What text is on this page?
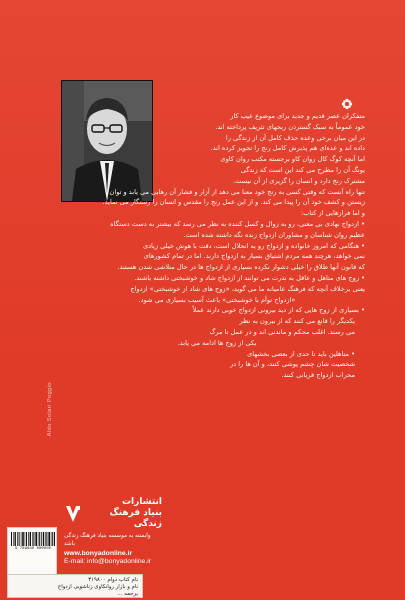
متفکران عصر قدیم و جدید برای موضوع عیب کار

خود عموماً به سبک گستردن ریحهای تثریف پرداخته اند.

در این میان برخی وعده حذف کامل آن از زندگی را

داده اند و عده‌ای هم پذیرش کامل رنج را تجویز کرده اند.

اما آنچه کوگ کال روان کاو برجسته مکتب روان کاوی

یونگ آن را مطرح می کند این است که زندگی

مشترک رنج دارد و انسان را گزیری از آن نیست.

تنها راه آنست که وقتی کسی به رنج خود معنا می دهد از آزار و فشار آن رهایی می یابد و توان

زیستن و کشف خود آن را پیدا می کند. و از این عمل رنج را مقدس و انسان را رستگار می نماید.

و اما فرازهایی از کتاب:

• ازدواج نهادی بی معنی، رو به زوال و کسل کننده به نظر می رسد که بیشتر به دست دستگاه

عظیم روان شناسان و مشاوران ازدواج زنده نگه داشته شده است.

• هنگامی که امروز خانواده و ازدواج رو به انحلال است، دقت با هوش خیلی زیادی

نمی خواهد، هرچند همه مردم اشتیاق بسیار به ازدواج دارند. اما در تمام کشورهای

که قانون آنها طلاق را خیلی دشوار نکرده بسیاری از ازدواج ها در حال متلاشی شدن هستند.

• زوج های متاهل و عاقل به ندرت می توانند از ازدواج شاد و خوشبختی داشته باشند.

یعنی برخلاف آنچه که فرهنگ عامیانه ما می گوید، «زوج های شاد از خوشبختی» ازدواج

«ازدواج توأم با خوشبختی» باعث آسیب بسیاری می شود.

• بسیاری از زوج هایی که از دید بیرونی ازدواج خوبی دارند عملاً

یکدیگر را قانع می کنند که از بیرون به نظر

می رسند. اغلب محکم و ماندنی اند و در عمل تا مرگ

یکی از زوج ها ادامه می یابد.

• متاهلین باید تا حدی از بعضی بخشهای

شخصیت شان چشم پوشی کنند، و آن ها را در

محراب ازدواج قربانی کنند.

Aldo Solari Poggio
انتشارات
بنیاد فرهنگ زندگی
وابسته به موسسه بنیاد فرهنگ زندگی باشد
www.bonyadonline.ir
E-mail: info@bonyadonline.ir
9 789640 000000
نام کتاب دوام ۳۱۹۸۰۰
نام و بازار روانکاوی زناشویی ازدواج
یرجمه ...
